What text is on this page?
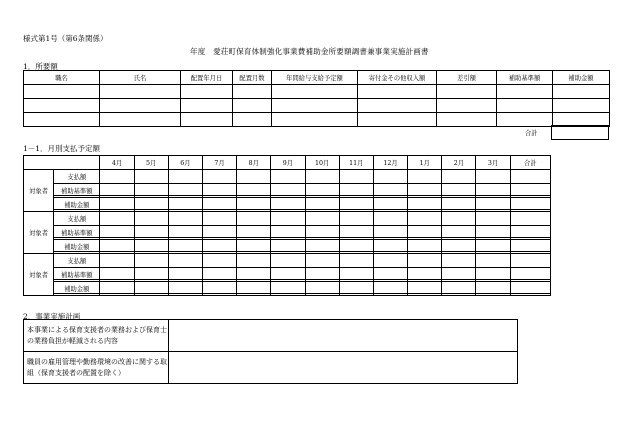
様式第1号（第6条関係）
年度　愛荘町保育体制強化事業費補助金所要額調書兼事業実施計画書
1．所要額
職名	氏名	配置年月日	配置月数	年間給与支給予定額	寄付金その他収入額	差引額	補助基準額	補助金額

合計
1－1．月別支払予定額
		4月	5月	6月	7月	8月	9月	10月	11月	12月	1月	2月	3月	合計
対象者	支払額													
	補助基準額													
	補助金額													
対象者	支払額													
	補助基準額													
	補助金額													
対象者	支払額													
	補助基準額													
	補助金額													
2．事業実施計画
本事業による保育支援者の業務および保育士の業務負担が軽減される内容	
職員の雇用管理や勤務環境の改善に関する取組（保育支援者の配置を除く）	
